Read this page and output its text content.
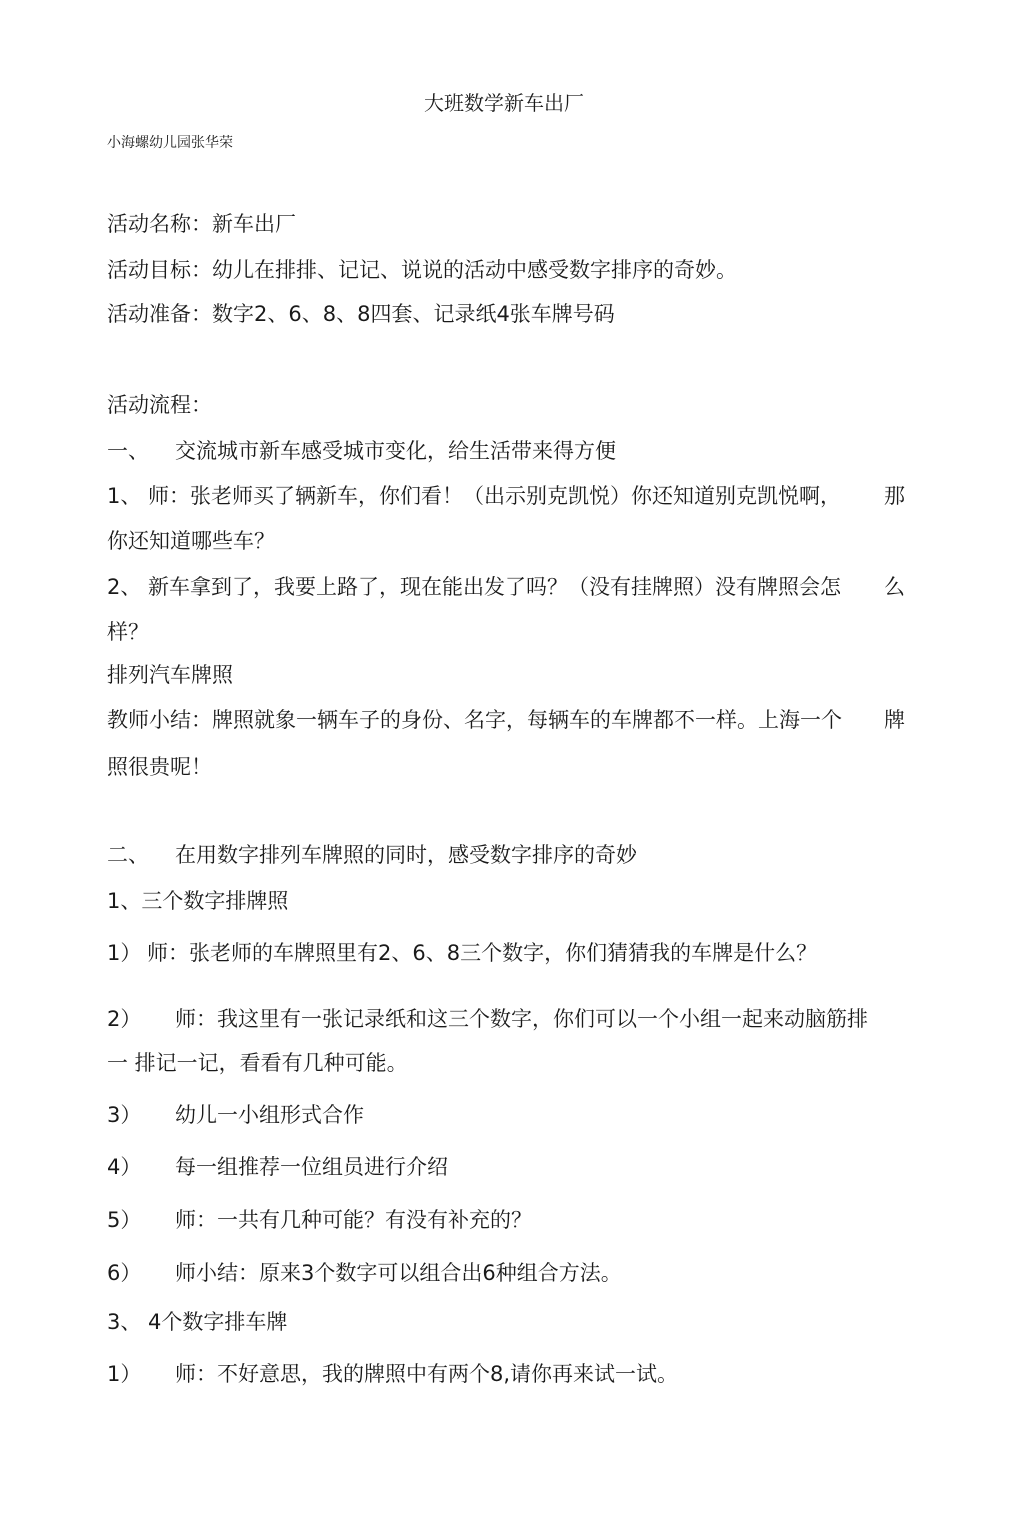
大班数学新车出厂
小海螺幼儿园张华荣
活动名称：新车出厂
活动目标：幼儿在排排、记记、说说的活动中感受数字排序的奇妙。
活动准备：数字2、6、8、8四套、记录纸4张车牌号码
活动流程：
一、 交流城市新车感受城市变化，给生活带来得方便
1、 师：张老师买了辆新车，你们看！（出示别克凯悦）你还知道别克凯悦啊， 那
你还知道哪些车？
2、 新车拿到了，我要上路了，现在能出发了吗？（没有挂牌照）没有牌照会怎 么
样？
排列汽车牌照
教师小结：牌照就象一辆车子的身份、名字，每辆车的车牌都不一样。上海一个 牌
照很贵呢！
二、 在用数字排列车牌照的同时，感受数字排序的奇妙
1、三个数字排牌照
1） 师：张老师的车牌照里有2、6、8三个数字，你们猜猜我的车牌是什么？
2） 师：我这里有一张记录纸和这三个数字，你们可以一个小组一起来动脑筋排
一 排记一记，看看有几种可能。
3） 幼儿一小组形式合作
4） 每一组推荐一位组员进行介绍
5） 师：一共有几种可能？有没有补充的？
6） 师小结：原来3个数字可以组合出6种组合方法。
3、 4个数字排车牌
1） 师：不好意思，我的牌照中有两个8,请你再来试一试。
